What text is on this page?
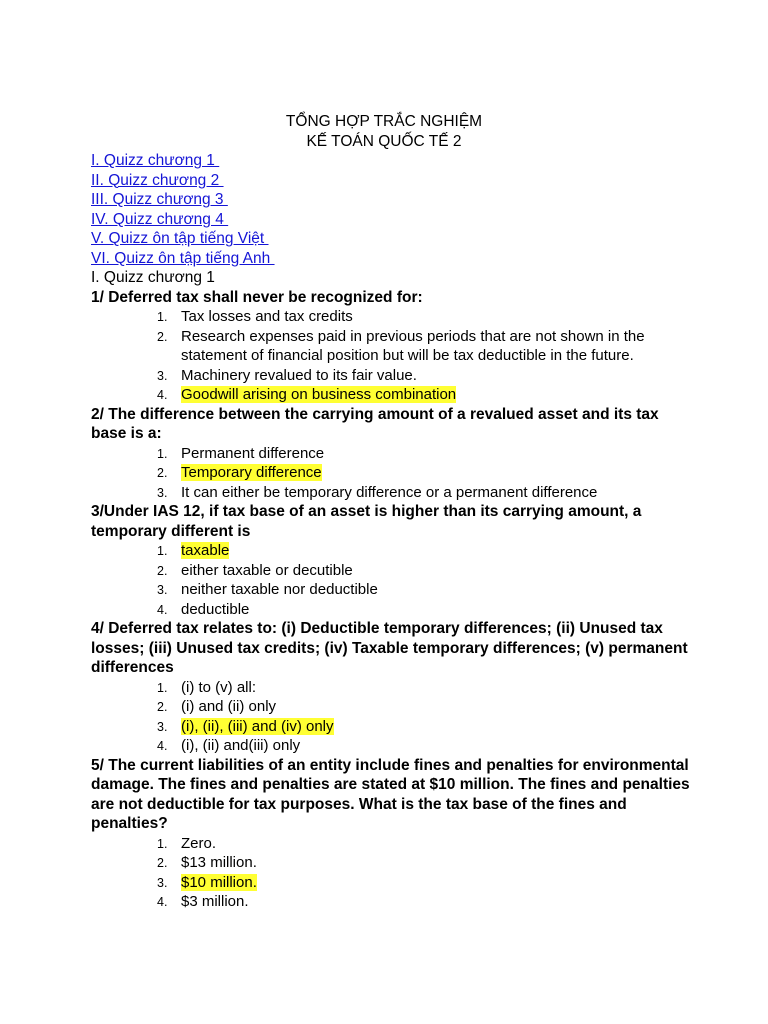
TỔNG HỢP TRẮC NGHIỆM
KẾ TOÁN QUỐC TẾ 2
I. Quizz chương 1
II. Quizz chương 2
III. Quizz chương 3
IV. Quizz chương 4
V. Quizz ôn tập tiếng Việt
VI. Quizz ôn tập tiếng Anh
I. Quizz chương 1
1/ Deferred tax shall never be recognized for:
1. Tax losses and tax credits
2. Research expenses paid in previous periods that are not shown in the statement of financial position but will be tax deductible in the future.
3. Machinery revalued to its fair value.
4. Goodwill arising on business combination
2/ The difference between the carrying amount of a revalued asset and its tax base is a:
1. Permanent difference
2. Temporary difference
3. It can either be temporary difference or a permanent difference
3/Under IAS 12, if tax base of an asset is higher than its carrying amount, a temporary different is
1. taxable
2. either taxable or decutible
3. neither taxable nor deductible
4. deductible
4/ Deferred tax relates to: (i) Deductible temporary differences; (ii) Unused tax losses; (iii) Unused tax credits; (iv) Taxable temporary differences; (v) permanent differences
1. (i) to (v) all:
2. (i) and (ii) only
3. (i), (ii), (iii) and (iv) only
4. (i), (ii) and(iii) only
5/ The current liabilities of an entity include fines and penalties for environmental damage. The fines and penalties are stated at $10 million. The fines and penalties are not deductible for tax purposes. What is the tax base of the fines and penalties?
1. Zero.
2. $13 million.
3. $10 million.
4. $3 million.
